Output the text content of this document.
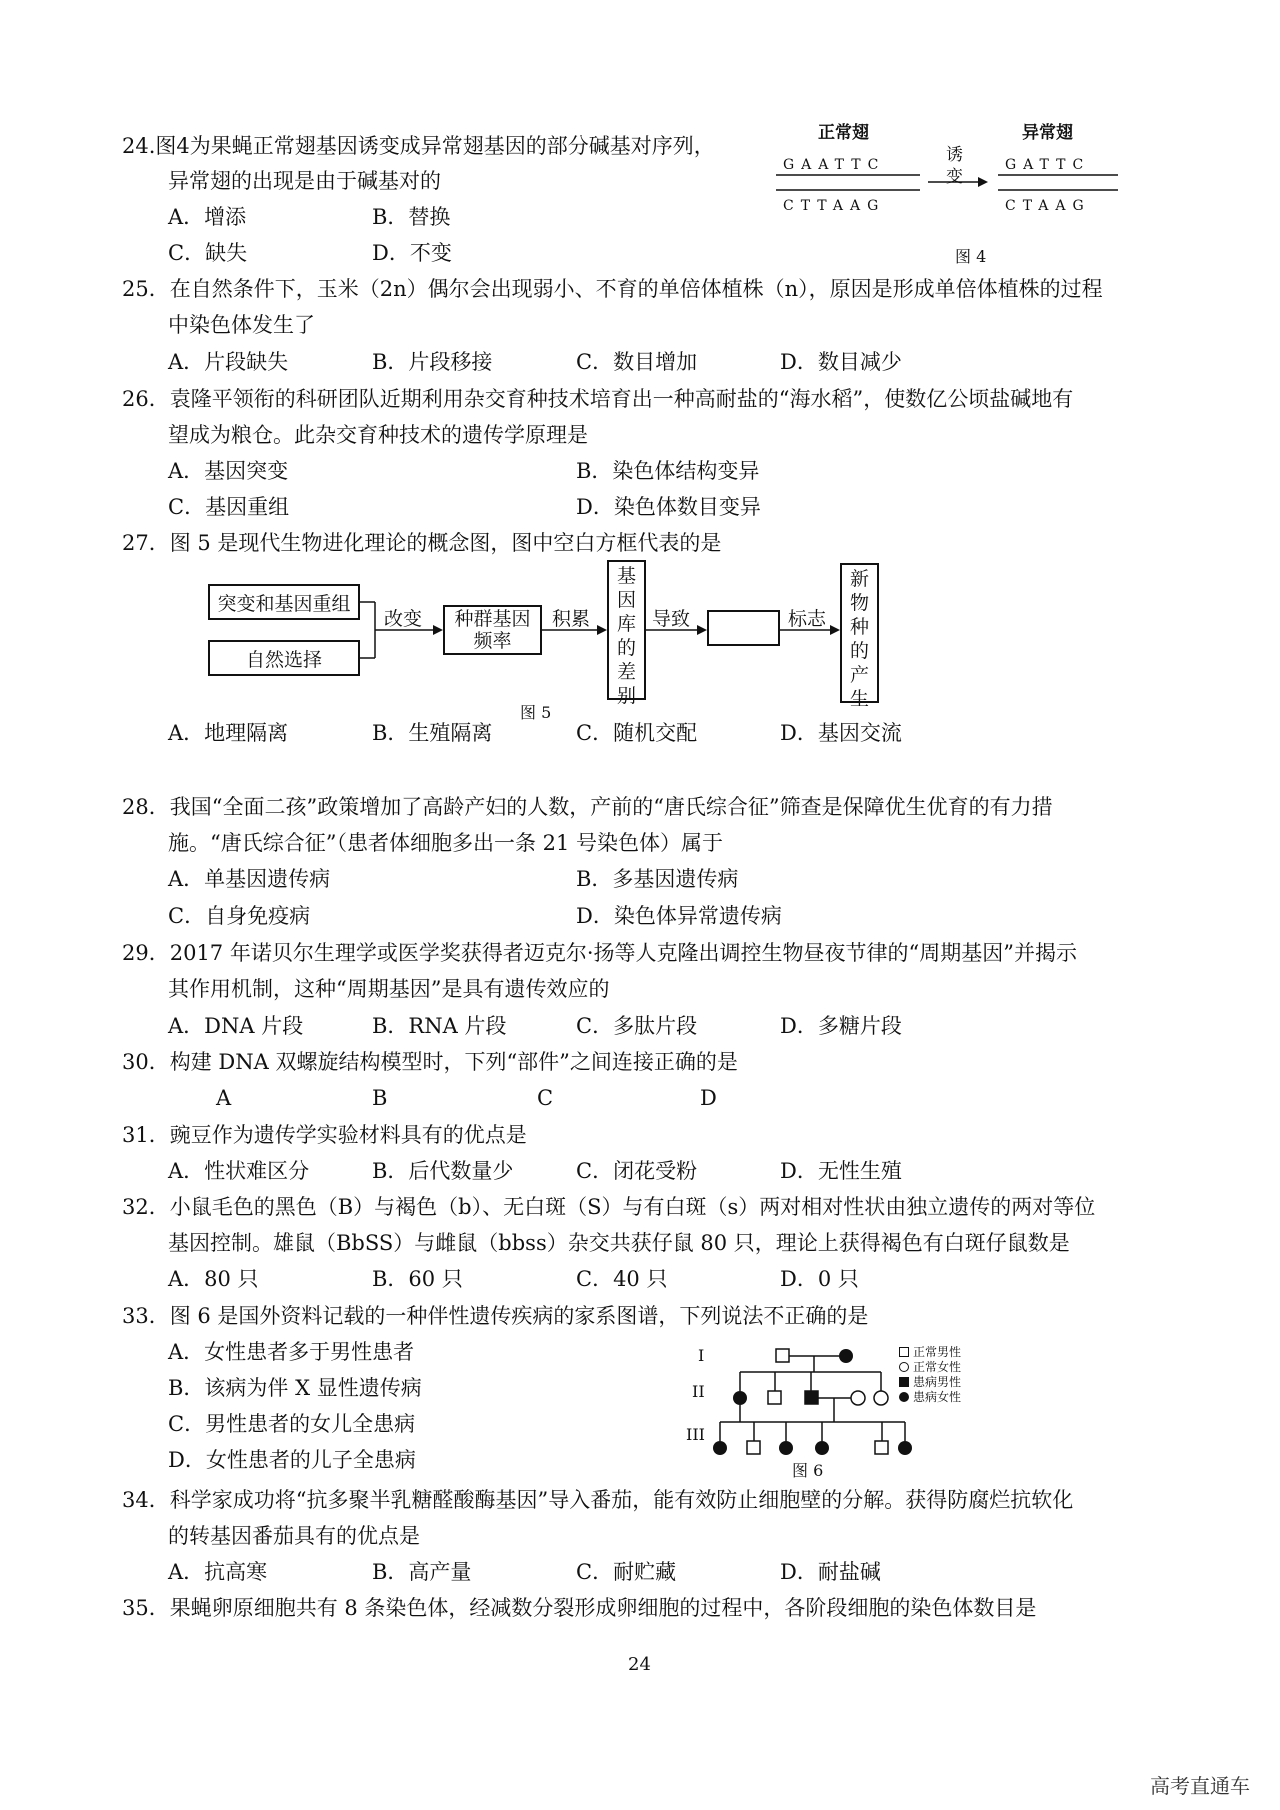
24.图4为果蝇正常翅基因诱变成异常翅基因的部分碱基对序列，
异常翅的出现是由于碱基对的
A．增添	B．替换
C．缺失	D．不变
正常翅	异常翅
GAATTC
CTTAAG
GATTC
CTAAG
诱
变
图 4
25．在自然条件下，玉米（2n）偶尔会出现弱小、不育的单倍体植株（n），原因是形成单倍体植株的过程
中染色体发生了
A．片段缺失	B．片段移接	C．数目增加	D．数目减少
26．袁隆平领衔的科研团队近期利用杂交育种技术培育出一种高耐盐的“海水稻”，使数亿公顷盐碱地有
望成为粮仓。此杂交育种技术的遗传学原理是
A．基因突变	B．染色体结构变异
C．基因重组	D．染色体数目变异
27．图 5 是现代生物进化理论的概念图，图中空白方框代表的是
突变和基因重组
自然选择
改变 种群基因
频率
积累
基
因
库
的
差
别
导致	标志
新
物
种
的
产
生
图 5
A．地理隔离	B．生殖隔离	C．随机交配	D．基因交流
28．我国“全面二孩”政策增加了高龄产妇的人数，产前的“唐氏综合征”筛查是保障优生优育的有力措
施。“唐氏综合征”（患者体细胞多出一条 21 号染色体）属于
A．单基因遗传病	B．多基因遗传病
C．自身免疫病	D．染色体异常遗传病
29．2017 年诺贝尔生理学或医学奖获得者迈克尔·扬等人克隆出调控生物昼夜节律的“周期基因”并揭示
其作用机制，这种“周期基因”是具有遗传效应的
A．DNA 片段	B．RNA 片段	C．多肽片段	D．多糖片段
30．构建 DNA 双螺旋结构模型时，下列“部件”之间连接正确的是
A	B	C	D
31．豌豆作为遗传学实验材料具有的优点是
A．性状难区分	B．后代数量少	C．闭花受粉	D．无性生殖
32．小鼠毛色的黑色（B）与褐色（b）、无白斑（S）与有白斑（s）两对相对性状由独立遗传的两对等位
基因控制。雄鼠（BbSS）与雌鼠（bbss）杂交共获仔鼠 80 只，理论上获得褐色有白斑仔鼠数是
A．80 只	B．60 只	C．40 只	D．0 只
33．图 6 是国外资料记载的一种伴性遗传疾病的家系图谱，下列说法不正确的是
A．女性患者多于男性患者
B．该病为伴 X 显性遗传病
C．男性患者的女儿全患病
D．女性患者的儿子全患病
I
II
III
正常男性
正常女性
患病男性
患病女性
图 6
34．科学家成功将“抗多聚半乳糖醛酸酶基因”导入番茄，能有效防止细胞壁的分解。获得防腐烂抗软化
的转基因番茄具有的优点是
A．抗高寒	B．高产量	C．耐贮藏	D．耐盐碱
35．果蝇卵原细胞共有 8 条染色体，经减数分裂形成卵细胞的过程中，各阶段细胞的染色体数目是
24
高考直通车
